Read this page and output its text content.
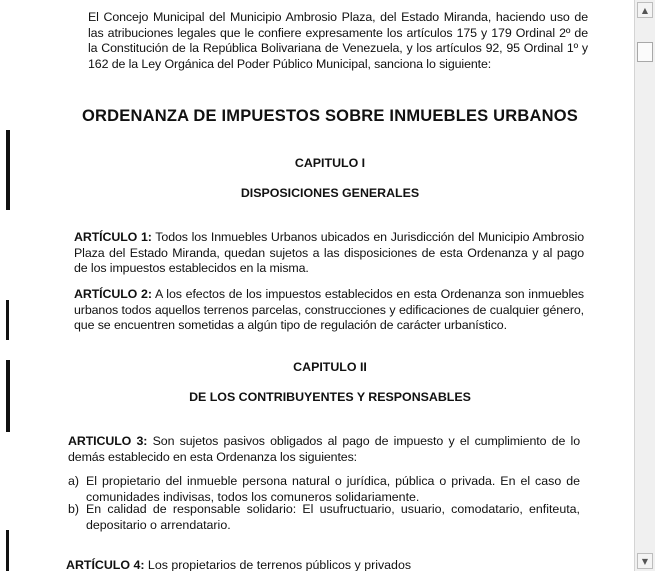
El Concejo Municipal del Municipio Ambrosio Plaza, del Estado Miranda, haciendo uso de las atribuciones legales que le confiere expresamente los artículos 175 y 179 Ordinal 2º de la Constitución de la República Bolivariana de Venezuela, y los artículos 92, 95 Ordinal 1º y 162 de la Ley Orgánica del Poder Público Municipal, sanciona lo siguiente:
ORDENANZA DE IMPUESTOS SOBRE INMUEBLES URBANOS
CAPITULO I
DISPOSICIONES GENERALES
ARTÍCULO 1: Todos los Inmuebles Urbanos ubicados en Jurisdicción del Municipio Ambrosio Plaza del Estado Miranda, quedan sujetos a las disposiciones de esta Ordenanza y al pago de los impuestos establecidos en la misma.
ARTÍCULO 2: A los efectos de los impuestos establecidos en esta Ordenanza son inmuebles urbanos todos aquellos terrenos parcelas, construcciones y edificaciones de cualquier género, que se encuentren sometidas a algún tipo de regulación de carácter urbanístico.
CAPITULO II
DE LOS CONTRIBUYENTES Y RESPONSABLES
ARTICULO 3: Son sujetos pasivos obligados al pago de impuesto y el cumplimiento de lo demás establecido en esta Ordenanza los siguientes:
a) El propietario del inmueble persona natural o jurídica, pública o privada. En el caso de comunidades indivisas, todos los comuneros solidariamente.
b) En calidad de responsable solidario: El usufructuario, usuario, comodatario, enfiteuta, depositario o arrendatario.
ARTÍCULO 4: Los propietarios de terrenos públicos y privados
▲
▼
